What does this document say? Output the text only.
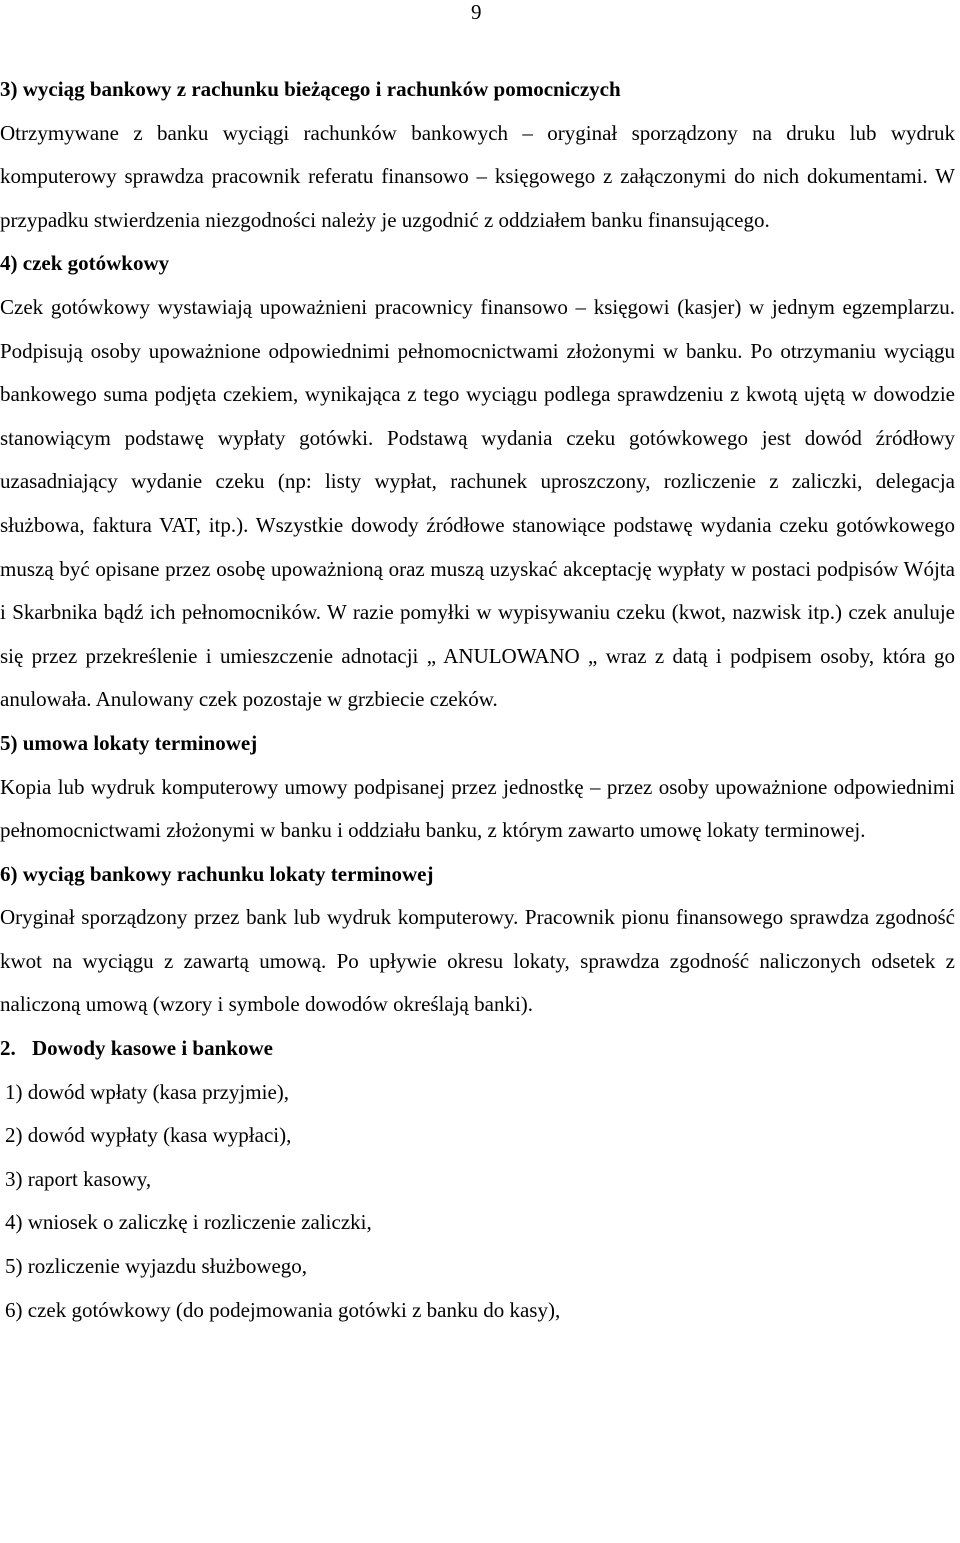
9

3) wyciąg bankowy z rachunku bieżącego i rachunków pomocniczych

Otrzymywane z banku wyciągi rachunków bankowych – oryginał sporządzony na druku lub wydruk komputerowy sprawdza pracownik referatu finansowo – księgowego z załączonymi do nich dokumentami. W przypadku stwierdzenia niezgodności należy je uzgodnić z oddziałem banku finansującego.

4) czek gotówkowy

Czek gotówkowy wystawiają upoważnieni pracownicy finansowo – księgowi (kasjer) w jednym egzemplarzu. Podpisują osoby upoważnione odpowiednimi pełnomocnictwami złożonymi w banku. Po otrzymaniu wyciągu bankowego suma podjęta czekiem, wynikająca z tego wyciągu podlega sprawdzeniu z kwotą ujętą w dowodzie stanowiącym podstawę wypłaty gotówki. Podstawą wydania czeku gotówkowego jest dowód źródłowy uzasadniający wydanie czeku (np: listy wypłat, rachunek uproszczony, rozliczenie z zaliczki, delegacja służbowa, faktura VAT, itp.). Wszystkie dowody źródłowe stanowiące podstawę wydania czeku gotówkowego muszą być opisane przez osobę upoważnioną oraz muszą uzyskać akceptację wypłaty w postaci podpisów Wójta i Skarbnika bądź ich pełnomocników. W razie pomyłki w wypisywaniu czeku (kwot, nazwisk itp.) czek anuluje się przez przekreślenie i umieszczenie adnotacji „ ANULOWANO „ wraz z datą i podpisem osoby, która go anulowała. Anulowany czek pozostaje w grzbiecie czeków.

5) umowa lokaty terminowej

Kopia lub wydruk komputerowy umowy podpisanej przez jednostkę – przez osoby upoważnione odpowiednimi pełnomocnictwami złożonymi w banku i oddziału banku, z którym zawarto umowę lokaty terminowej.

6) wyciąg bankowy rachunku lokaty terminowej

Oryginał sporządzony przez bank lub wydruk komputerowy. Pracownik pionu finansowego sprawdza zgodność kwot na wyciągu z zawartą umową. Po upływie okresu lokaty, sprawdza zgodność naliczonych odsetek z naliczoną umową (wzory i symbole dowodów określają banki).

2. Dowody kasowe i bankowe

1) dowód wpłaty (kasa przyjmie),
2) dowód wypłaty (kasa wypłaci),
3) raport kasowy,
4) wniosek o zaliczkę i rozliczenie zaliczki,
5) rozliczenie wyjazdu służbowego,
6) czek gotówkowy (do podejmowania gotówki z banku do kasy),
